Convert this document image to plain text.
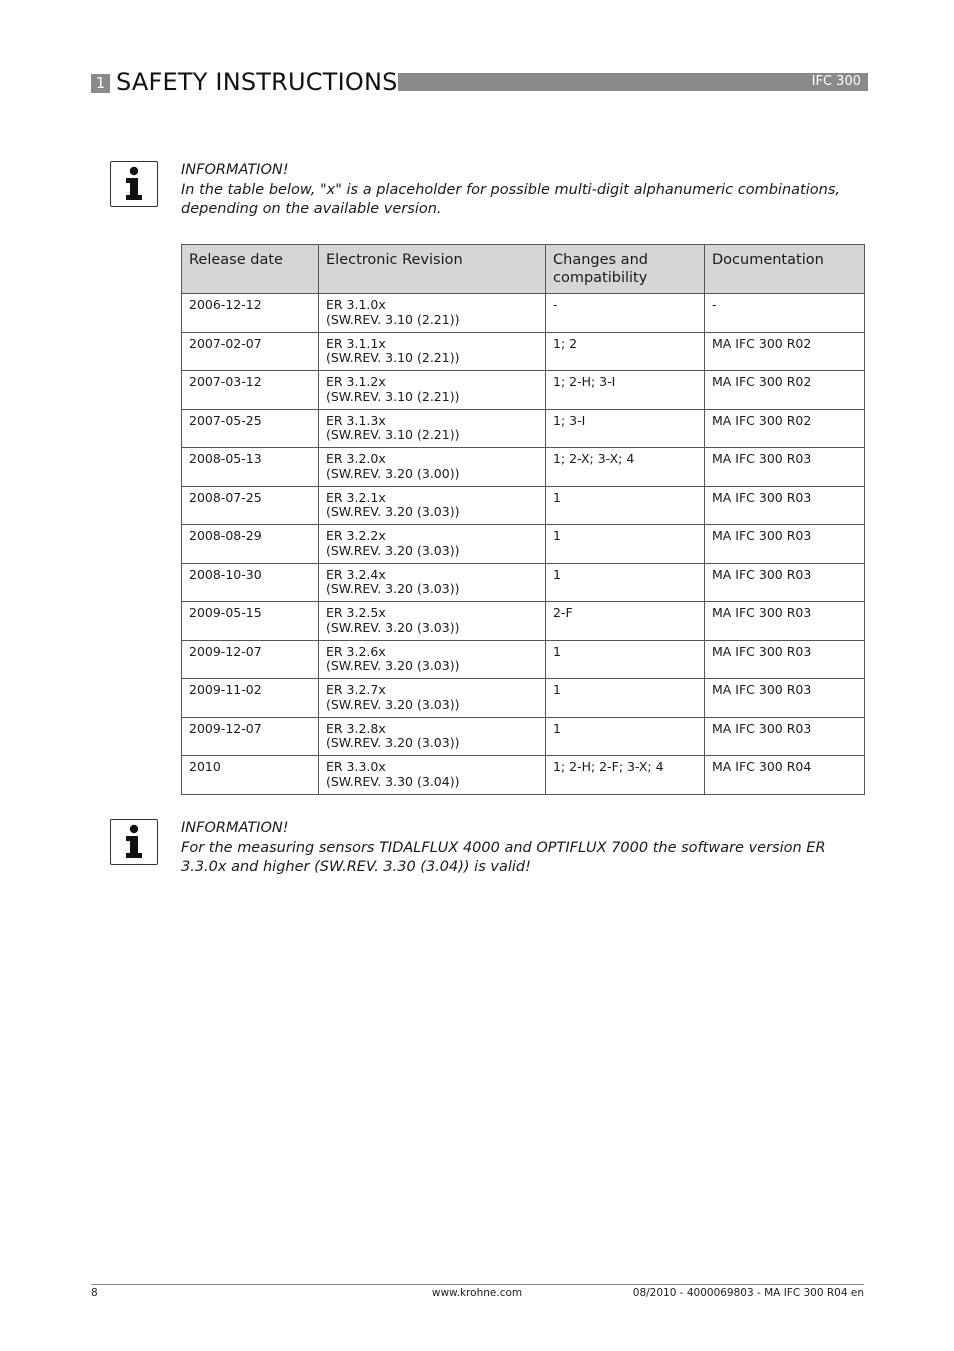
1 SAFETY INSTRUCTIONS	IFC 300
INFORMATION!
In the table below, "x" is a placeholder for possible multi-digit alphanumeric combinations, depending on the available version.
Release date	Electronic Revision	Changes and compatibility	Documentation
2006-12-12	ER 3.1.0x
(SW.REV. 3.10 (2.21))	-	-
2007-02-07	ER 3.1.1x
(SW.REV. 3.10 (2.21))	1; 2	MA IFC 300 R02
2007-03-12	ER 3.1.2x
(SW.REV. 3.10 (2.21))	1; 2-H; 3-I	MA IFC 300 R02
2007-05-25	ER 3.1.3x
(SW.REV. 3.10 (2.21))	1; 3-I	MA IFC 300 R02
2008-05-13	ER 3.2.0x
(SW.REV. 3.20 (3.00))	1; 2-X; 3-X; 4	MA IFC 300 R03
2008-07-25	ER 3.2.1x
(SW.REV. 3.20 (3.03))	1	MA IFC 300 R03
2008-08-29	ER 3.2.2x
(SW.REV. 3.20 (3.03))	1	MA IFC 300 R03
2008-10-30	ER 3.2.4x
(SW.REV. 3.20 (3.03))	1	MA IFC 300 R03
2009-05-15	ER 3.2.5x
(SW.REV. 3.20 (3.03))	2-F	MA IFC 300 R03
2009-12-07	ER 3.2.6x
(SW.REV. 3.20 (3.03))	1	MA IFC 300 R03
2009-11-02	ER 3.2.7x
(SW.REV. 3.20 (3.03))	1	MA IFC 300 R03
2009-12-07	ER 3.2.8x
(SW.REV. 3.20 (3.03))	1	MA IFC 300 R03
2010	ER 3.3.0x
(SW.REV. 3.30 (3.04))	1; 2-H; 2-F; 3-X; 4	MA IFC 300 R04
INFORMATION!
For the measuring sensors TIDALFLUX 4000 and OPTIFLUX 7000 the software version ER 3.3.0x and higher (SW.REV. 3.30 (3.04)) is valid!
8	www.krohne.com	08/2010 - 4000069803 - MA IFC 300 R04 en
